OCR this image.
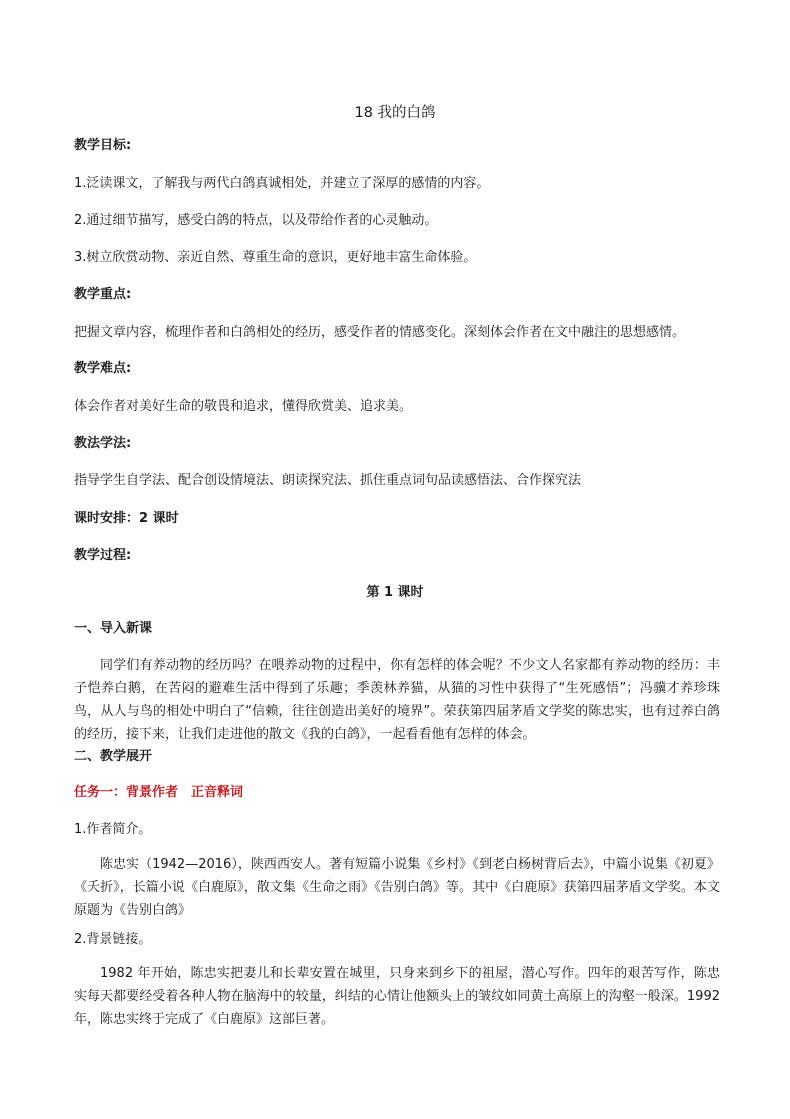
18 我的白鸽
教学目标:
1.泛读课文，了解我与两代白鸽真诚相处，并建立了深厚的感情的内容。
2.通过细节描写，感受白鸽的特点，以及带给作者的心灵触动。
3.树立欣赏动物、亲近自然、尊重生命的意识，更好地丰富生命体验。
教学重点:
把握文章内容，梳理作者和白鸽相处的经历，感受作者的情感变化。深刻体会作者在文中融注的思想感情。
教学难点:
体会作者对美好生命的敬畏和追求，懂得欣赏美、追求美。
教法学法:
指导学生自学法、配合创设情境法、朗读探究法、抓住重点词句品读感悟法、合作探究法
课时安排：2 课时
教学过程:
第 1 课时
一、导入新课
同学们有养动物的经历吗？在喂养动物的过程中，你有怎样的体会呢？不少文人名家都有养动物的经历：丰子恺养白鹅，在苦闷的避难生活中得到了乐趣；季羡林养猫，从猫的习性中获得了“生死感悟”；冯骥才养珍珠鸟，从人与鸟的相处中明白了“信赖，往往创造出美好的境界”。荣获第四届茅盾文学奖的陈忠实，也有过养白鸽的经历，接下来，让我们走进他的散文《我的白鸽》，一起看看他有怎样的体会。
二、教学展开
任务一：背景作者　正音释词
1.作者简介。
陈忠实（1942—2016），陕西西安人。著有短篇小说集《乡村》《到老白杨树背后去》，中篇小说集《初夏》《夭折》，长篇小说《白鹿原》，散文集《生命之雨》《告别白鸽》等。其中《白鹿原》获第四届茅盾文学奖。本文原题为《告别白鸽》
2.背景链接。
1982 年开始，陈忠实把妻儿和长辈安置在城里，只身来到乡下的祖屋，潜心写作。四年的艰苦写作，陈忠实每天都要经受着各种人物在脑海中的较量，纠结的心情让他额头上的皱纹如同黄土高原上的沟壑一般深。1992 年，陈忠实终于完成了《白鹿原》这部巨著。
